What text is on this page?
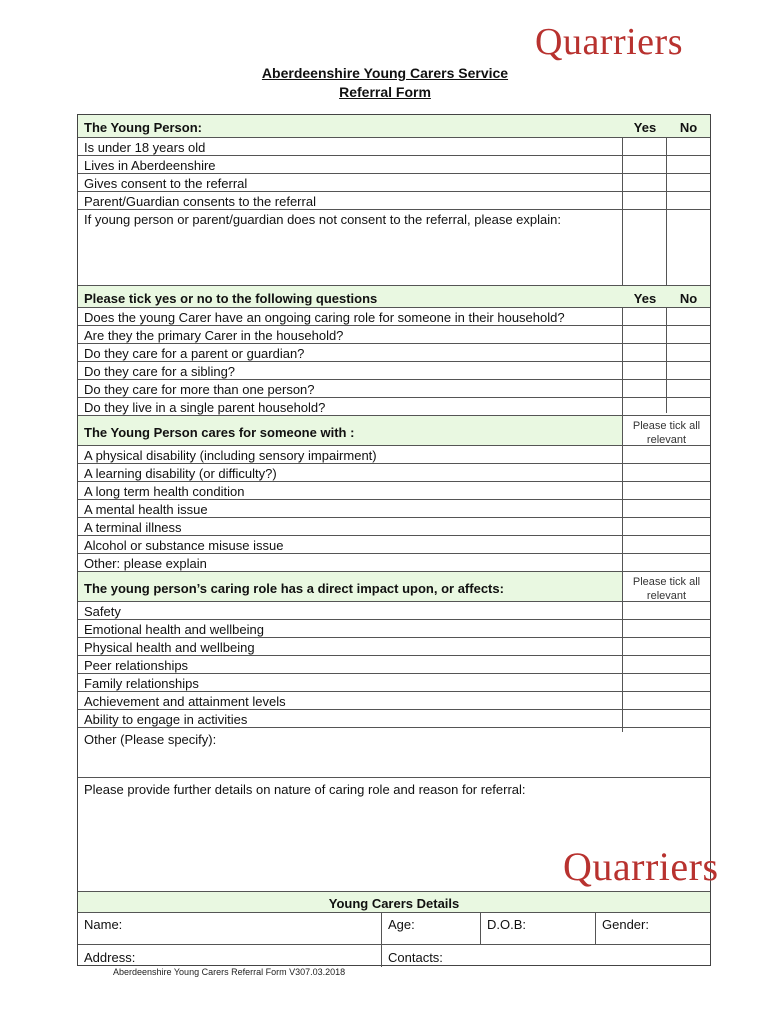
Quarriers
Aberdeenshire Young Carers Service
Referral Form
The Young Person:	Yes	No
Is under 18 years old
Lives in Aberdeenshire
Gives consent to the referral
Parent/Guardian consents to the referral
If young person or parent/guardian does not consent to the referral, please explain:
Please tick yes or no to the following questions	Yes	No
Does the young Carer have an ongoing caring role for someone in their household?
Are they the primary Carer in the household?
Do they care for a parent or guardian?
Do they care for a sibling?
Do they care for more than one person?
Do they live in a single parent household?
The Young Person cares for someone with :	Please tick all relevant
A physical disability (including sensory impairment)
A learning disability (or difficulty?)
A long term health condition
A mental health issue
A terminal illness
Alcohol or substance misuse issue
Other: please explain
The young person’s caring role has a direct impact upon, or affects:	Please tick all relevant
Safety
Emotional health and wellbeing
Physical health and wellbeing
Peer relationships
Family relationships
Achievement and attainment levels
Ability to engage in activities
Other (Please specify):
Please provide further details on nature of caring role and reason for referral:
Young Carers Details
Name:	Age:	D.O.B:	Gender:
Address:	Contacts:
Quarriers
Aberdeenshire Young Carers Referral Form V307.03.2018
